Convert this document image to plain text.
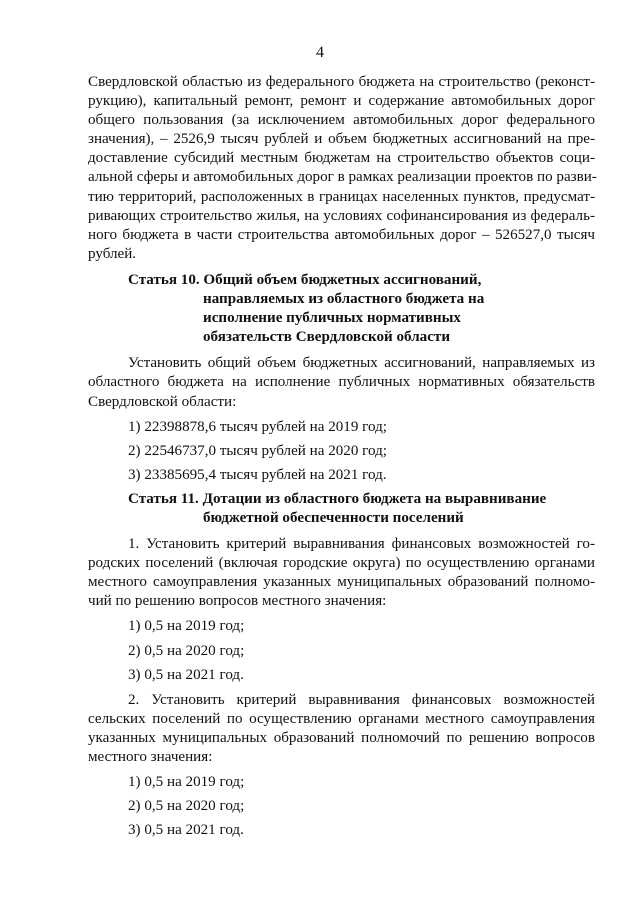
4
Свердловской областью из федерального бюджета на строительство (реконст-
рукцию), капитальный ремонт, ремонт и содержание автомобильных дорог
общего пользования (за исключением автомобильных дорог федерального
значения), – 2526,9 тысяч рублей и объем бюджетных ассигнований на пре-
доставление субсидий местным бюджетам на строительство объектов соци-
альной сферы и автомобильных дорог в рамках реализации проектов по разви-
тию территорий, расположенных в границах населенных пунктов, предусмат-
ривающих строительство жилья, на условиях софинансирования из федераль-
ного бюджета в части строительства автомобильных дорог – 526527,0 тысяч
рублей.
Статья 10. Общий объем бюджетных ассигнований,
направляемых из областного бюджета на
исполнение публичных нормативных
обязательств Свердловской области
Установить общий объем бюджетных ассигнований, направляемых из
областного бюджета на исполнение публичных нормативных обязательств
Свердловской области:
1) 22398878,6 тысяч рублей на 2019 год;
2) 22546737,0 тысяч рублей на 2020 год;
3) 23385695,4 тысяч рублей на 2021 год.
Статья 11. Дотации из областного бюджета на выравнивание
бюджетной обеспеченности поселений
1. Установить критерий выравнивания финансовых возможностей го-
родских поселений (включая городские округа) по осуществлению органами
местного самоуправления указанных муниципальных образований полномо-
чий по решению вопросов местного значения:
1) 0,5 на 2019 год;
2) 0,5 на 2020 год;
3) 0,5 на 2021 год.
2. Установить критерий выравнивания финансовых возможностей
сельских поселений по осуществлению органами местного самоуправления
указанных муниципальных образований полномочий по решению вопросов
местного значения:
1) 0,5 на 2019 год;
2) 0,5 на 2020 год;
3) 0,5 на 2021 год.
